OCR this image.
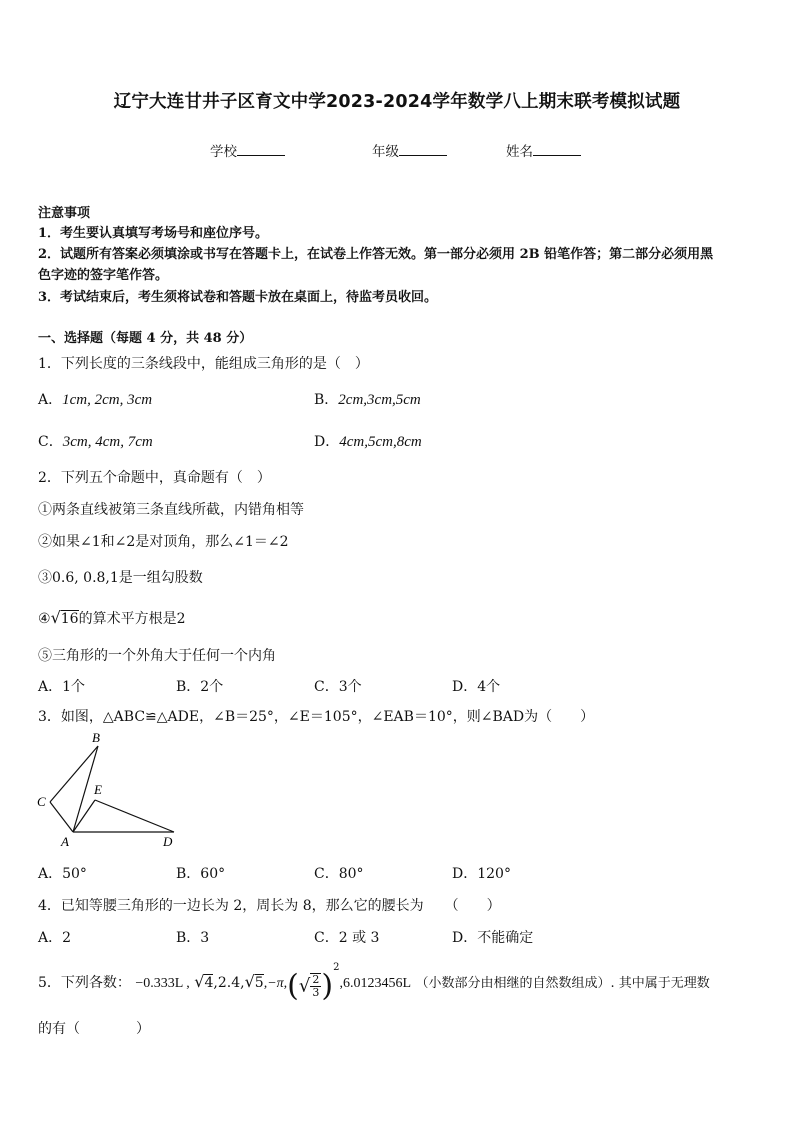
辽宁大连甘井子区育文中学2023-2024学年数学八上期末联考模拟试题
学校	年级	姓名
注意事项
1．考生要认真填写考场号和座位序号。
2．试题所有答案必须填涂或书写在答题卡上，在试卷上作答无效。第一部分必须用 2B 铅笔作答；第二部分必须用黑
色字迹的签字笔作答。
3．考试结束后，考生须将试卷和答题卡放在桌面上，待监考员收回。
一、选择题（每题 4 分，共 48 分）
1．下列长度的三条线段中，能组成三角形的是（　）
A．1cm, 2cm, 3cm	B．2cm,3cm,5cm
C．3cm, 4cm, 7cm	D．4cm,5cm,8cm
2．下列五个命题中，真命题有（　）
①两条直线被第三条直线所截，内错角相等
②如果∠1和∠2是对顶角，那么∠1＝∠2
③0.6, 0.8,1是一组勾股数
④√16的算术平方根是2
⑤三角形的一个外角大于任何一个内角
A．1个	B．2个	C．3个	D．4个
3．如图，△ABC≌△ADE，∠B＝25°，∠E＝105°，∠EAB＝10°，则∠BAD为（　　）
B
C
E
A	D
A．50°	B．60°	C．80°	D．120°
4．已知等腰三角形的一边长为 2，周长为 8，那么它的腰长为　　（　　）
A．2	B．3	C．2 或 3	D．不能确定
5．下列各数： −0.333L , $√4,2.4,√5,-\pi,(√ \frac{2}{3} )^2,6.0123456L$ （小数部分由相继的自然数组成）. 其中属于无理数
的有（　　　　）
